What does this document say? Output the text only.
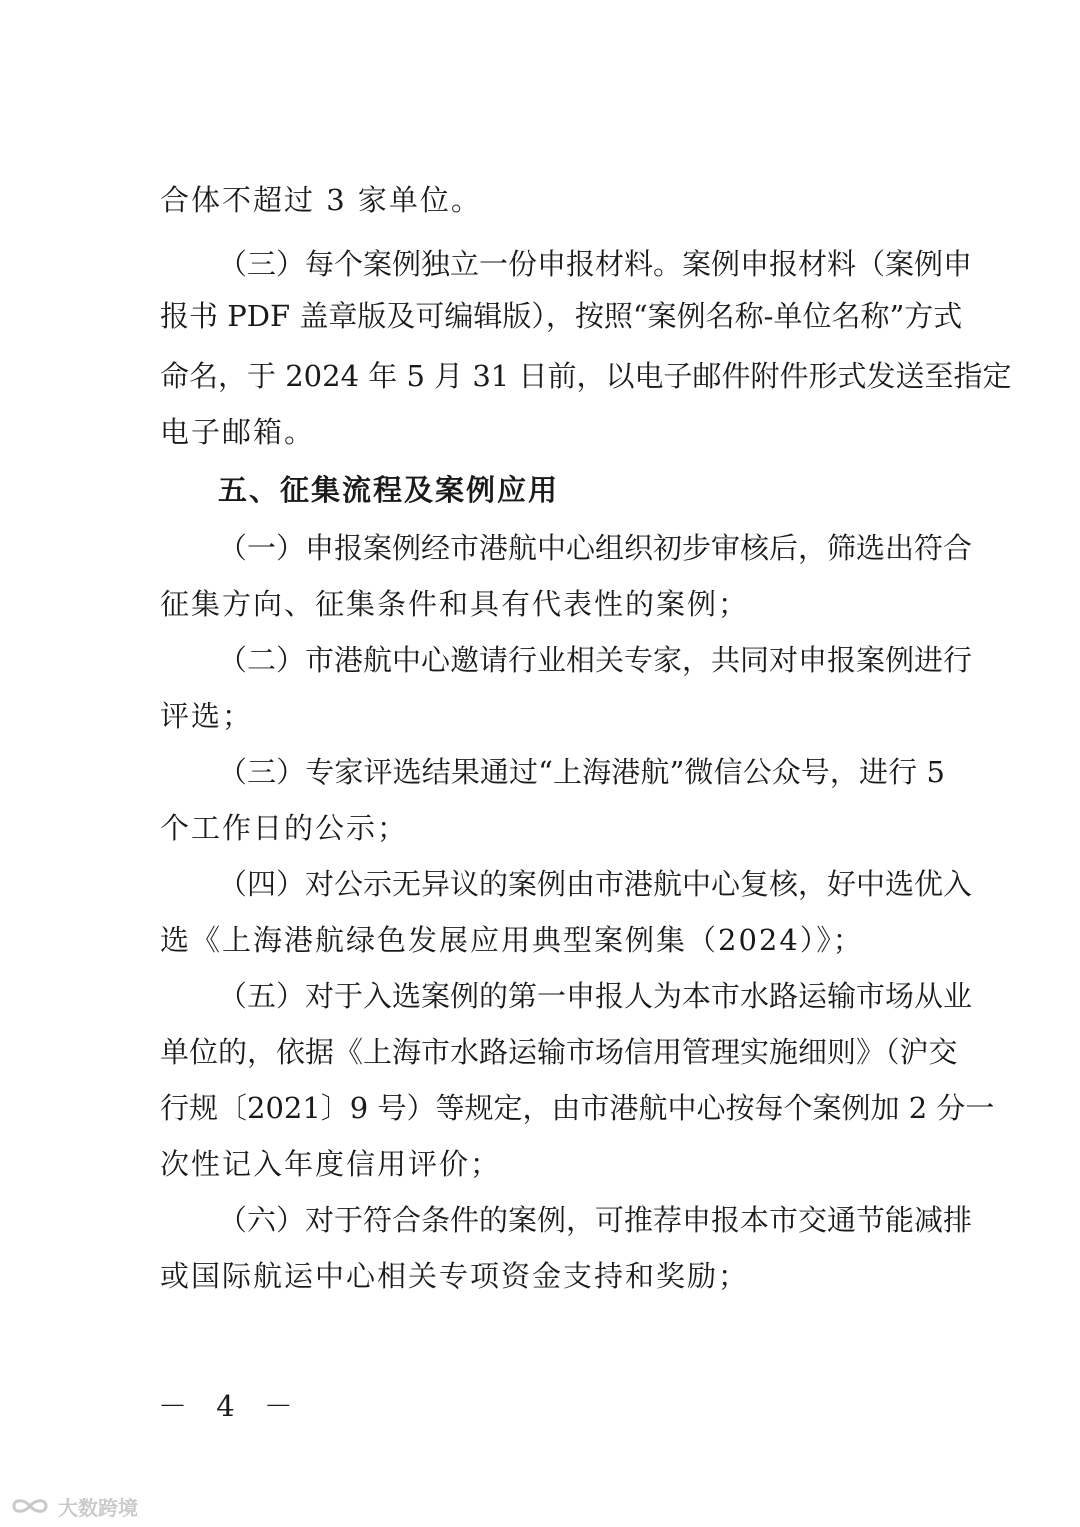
合体不超过 3 家单位。
（三）每个案例独立一份申报材料。案例申报材料（案例申
报书 PDF 盖章版及可编辑版），按照“案例名称-单位名称”方式
命名，于 2024 年 5 月 31 日前，以电子邮件附件形式发送至指定
电子邮箱。
五、征集流程及案例应用
（一）申报案例经市港航中心组织初步审核后，筛选出符合
征集方向、征集条件和具有代表性的案例；
（二）市港航中心邀请行业相关专家，共同对申报案例进行
评选；
（三）专家评选结果通过“上海港航”微信公众号，进行 5
个工作日的公示；
（四）对公示无异议的案例由市港航中心复核，好中选优入
选《上海港航绿色发展应用典型案例集（2024）》；
（五）对于入选案例的第一申报人为本市水路运输市场从业
单位的，依据《上海市水路运输市场信用管理实施细则》（沪交
行规〔2021〕9 号）等规定，由市港航中心按每个案例加 2 分一
次性记入年度信用评价；
（六）对于符合条件的案例，可推荐申报本市交通节能减排
或国际航运中心相关专项资金支持和奖励；
－ 4 －
大数跨境
